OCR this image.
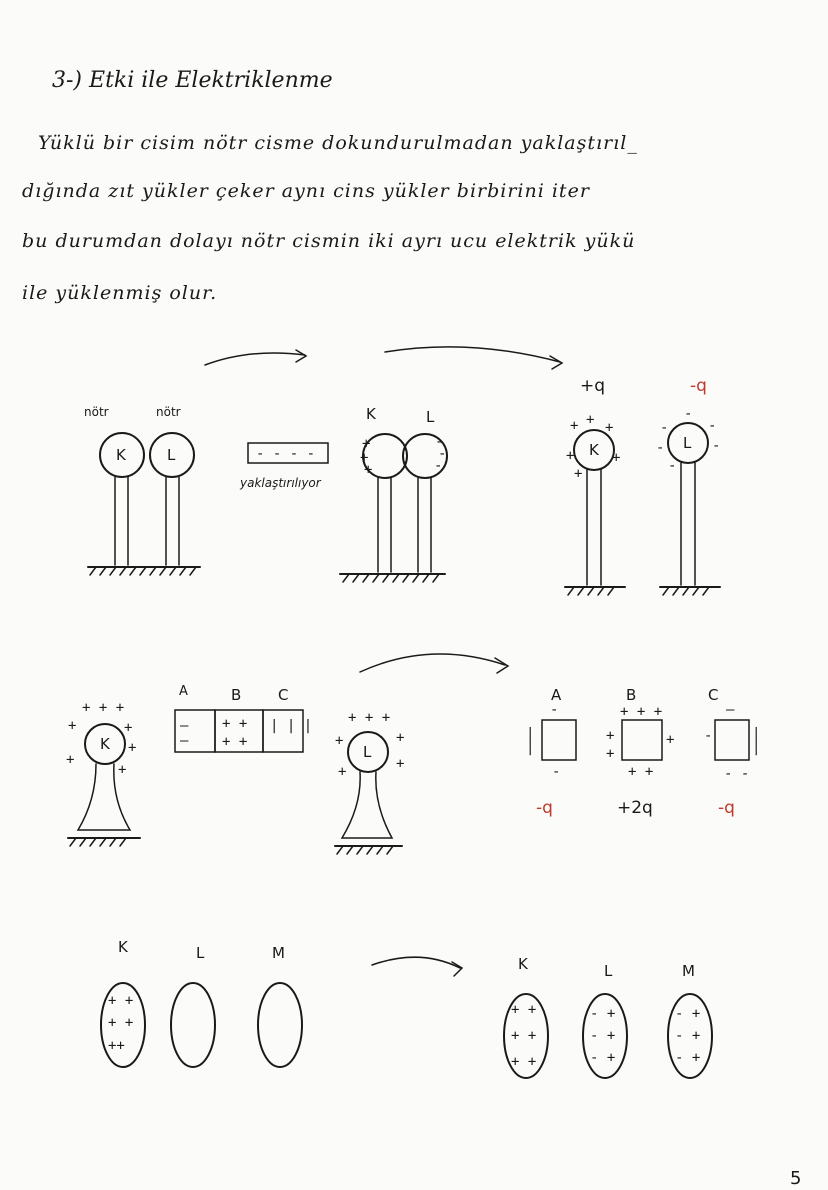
3-) Etki ile Elektriklenme
Yüklü bir cisim nötr cisme dokundurulmadan yaklaştırıl_
dığında zıt yükler çeker aynı cins yükler birbirini iter
bu durumdan dolayı nötr cismin iki ayrı ucu elektrik yükü
ile yüklenmiş olur.
- - - -
+
+
+
-
-
-
+ + +
+	+
+
-
-
-
-	-
-
+ + +
+	+
+
+
+
—
—
+ +
+ +
| | |	+ + +
+	+
+	+
|
|
-
-
+ + +
+	+
+
+ +
-	|
|
—
- -
+ +
+ +
++
+ +
+ +
+ +
- +
- +
- +
- +
- +
- +
nötr	nötr
K	L
yaklaştırılıyor
K	L
K	L
+q	-q
K
A	B C
L
A	B	C
-q	+2q	-q
K	L	M
K	L	M
5
